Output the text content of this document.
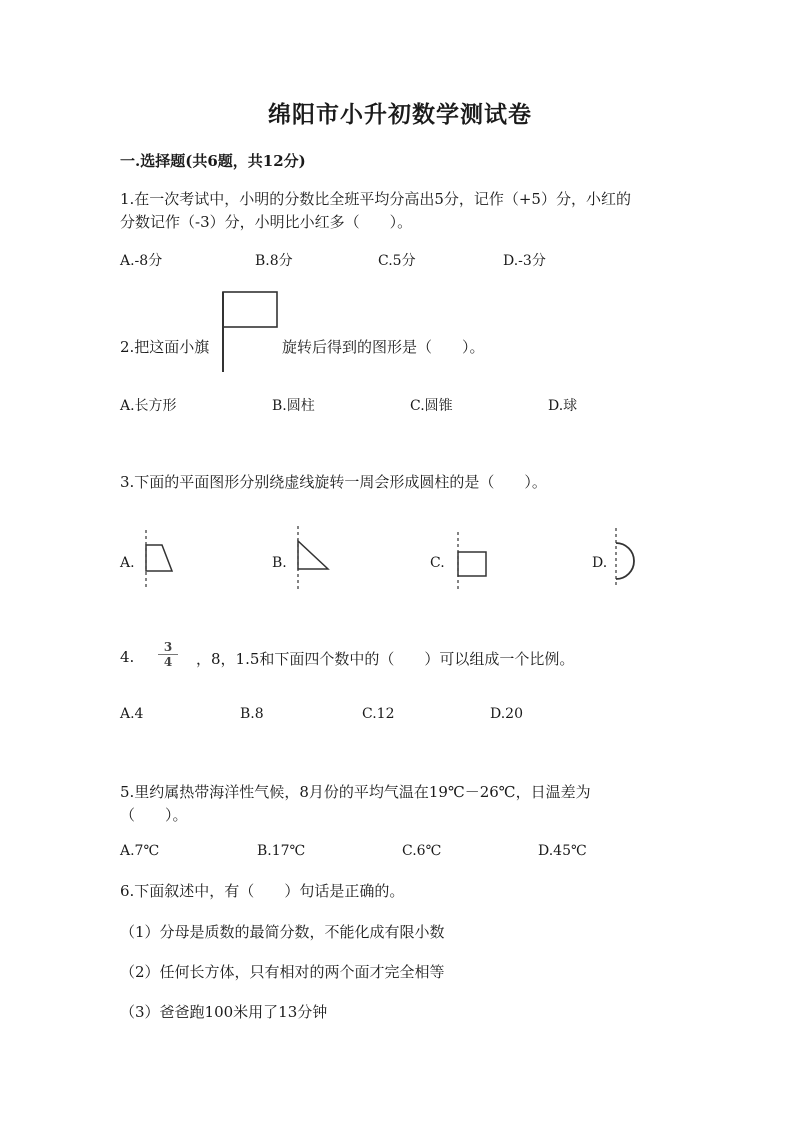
绵阳市小升初数学测试卷
一.选择题(共6题，共12分)
1.在一次考试中，小明的分数比全班平均分高出5分，记作（+5）分，小红的
分数记作（-3）分，小明比小红多（　　）。
A.-8分	B.8分	C.5分	D.-3分
2.把这面小旗	旋转后得到的图形是（　　）。
A.长方形	B.圆柱	C.圆锥	D.球
3.下面的平面图形分别绕虚线旋转一周会形成圆柱的是（　　）。
A.	B.	C.	D.
4. $\frac{3}{4}$ ，8，1.5和下面四个数中的（　　）可以组成一个比例。
A.4	B.8	C.12	D.20
5.里约属热带海洋性气候，8月份的平均气温在19℃－26℃，日温差为
（　　）。
A.7℃	B.17℃	C.6℃	D.45℃
6.下面叙述中，有（　　）句话是正确的。
（1）分母是质数的最简分数，不能化成有限小数
（2）任何长方体，只有相对的两个面才完全相等
（3）爸爸跑100米用了13分钟
